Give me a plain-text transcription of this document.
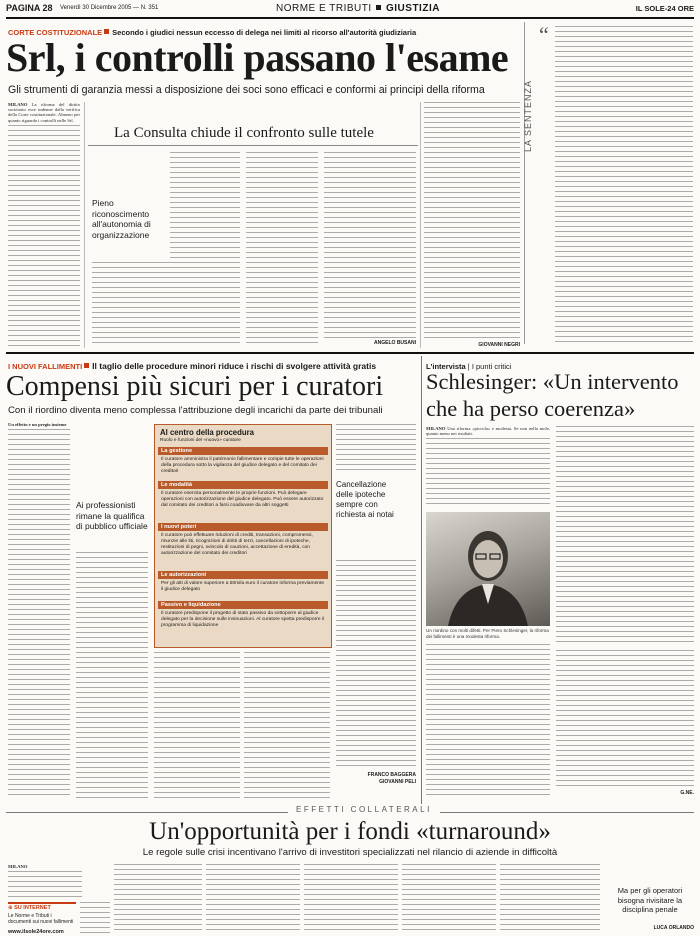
PAGINA 28 Venerdì 30 Dicembre 2005 — N. 351	NORME E TRIBUTI GIUSTIZIA	IL SOLE-24 ORE
CORTE COSTITUZIONALE Secondo i giudici nessun eccesso di delega nei limiti al ricorso all'autorità giudiziaria
Srl, i controlli passano l'esame
Gli strumenti di garanzia messi a disposizione dei soci sono efficaci e conformi ai principi della riforma
MILANO La riforma del diritto societario esce indenne dalla verifica della Corte costituzionale. Almeno per quanto riguarda i controlli nelle Srl.
La Consulta chiude il confronto sulle tutele
Pieno riconoscimento all'autonomia di organizzazione
ANGELO BUSANI	GIOVANNI NEGRI
LA SENTENZA
“
I NUOVI FALLIMENTI Il taglio delle procedure minori riduce i rischi di svolgere attività gratis
Compensi più sicuri per i curatori
Con il riordino diventa meno complessa l'attribuzione degli incarichi da parte dei tribunali
Un effetto e un pregio insieme
Ai professionisti rimane la qualifica di pubblico ufficiale
Al centro della procedura
Ruolo e funzioni del «nuovo» curatore
La gestione
Il curatore amministra il patrimonio fallimentare e compie tutte le operazioni della procedura sotto la vigilanza del giudice delegato e del comitato dei creditori
Le modalità
Il curatore esercita personalmente le proprie funzioni. Può delegare operazioni con autorizzazione del giudice delegato. Può essere autorizzato dal comitato dei creditori a farsi coadiuvare da altri soggetti
I nuovi poteri
Il curatore può effettuare riduzioni di crediti, transazioni, compromessi, rinunzie alle liti, ricognizioni di diritti di terzi, cancellazioni di ipoteche, restituzioni di pegni, svincolo di cauzioni, accettazione di eredità, con autorizzazione del comitato dei creditori
Le autorizzazioni
Per gli atti di valore superiore a 50mila euro il curatore informa previamente il giudice delegato
Passivo e liquidazione
Il curatore predispone il progetto di stato passivo da sottoporre al giudice delegato per la decisione sulle insinuazioni. Al curatore spetta predisporre il programma di liquidazione
Cancellazione delle ipoteche sempre con richiesta ai notai
FRANCO BAGGERA
GIOVANNI PELI
L'intervista | I punti critici
Schlesinger: «Un intervento che ha perso coerenza»
MILANO Una riforma «piccola» e modesta. Se non nella mole, quanto meno nei risultati.
Un riordino con molti difetti. Per Piero Schlesinger, la riforma dei fallimenti è una modesta riforma.
G.NE.
EFFETTI COLLATERALI
Un'opportunità per i fondi «turnaround»
Le regole sulle crisi incentivano l'arrivo di investitori specializzati nel rilancio di aziende in difficoltà
MILANO
⊕ SU INTERNET
Le Norme e Tributi i documenti sui nuovi fallimenti
www.ilsole24ore.com
Ma per gli operatori bisogna rivisitare la disciplina penale
LUCA ORLANDO
